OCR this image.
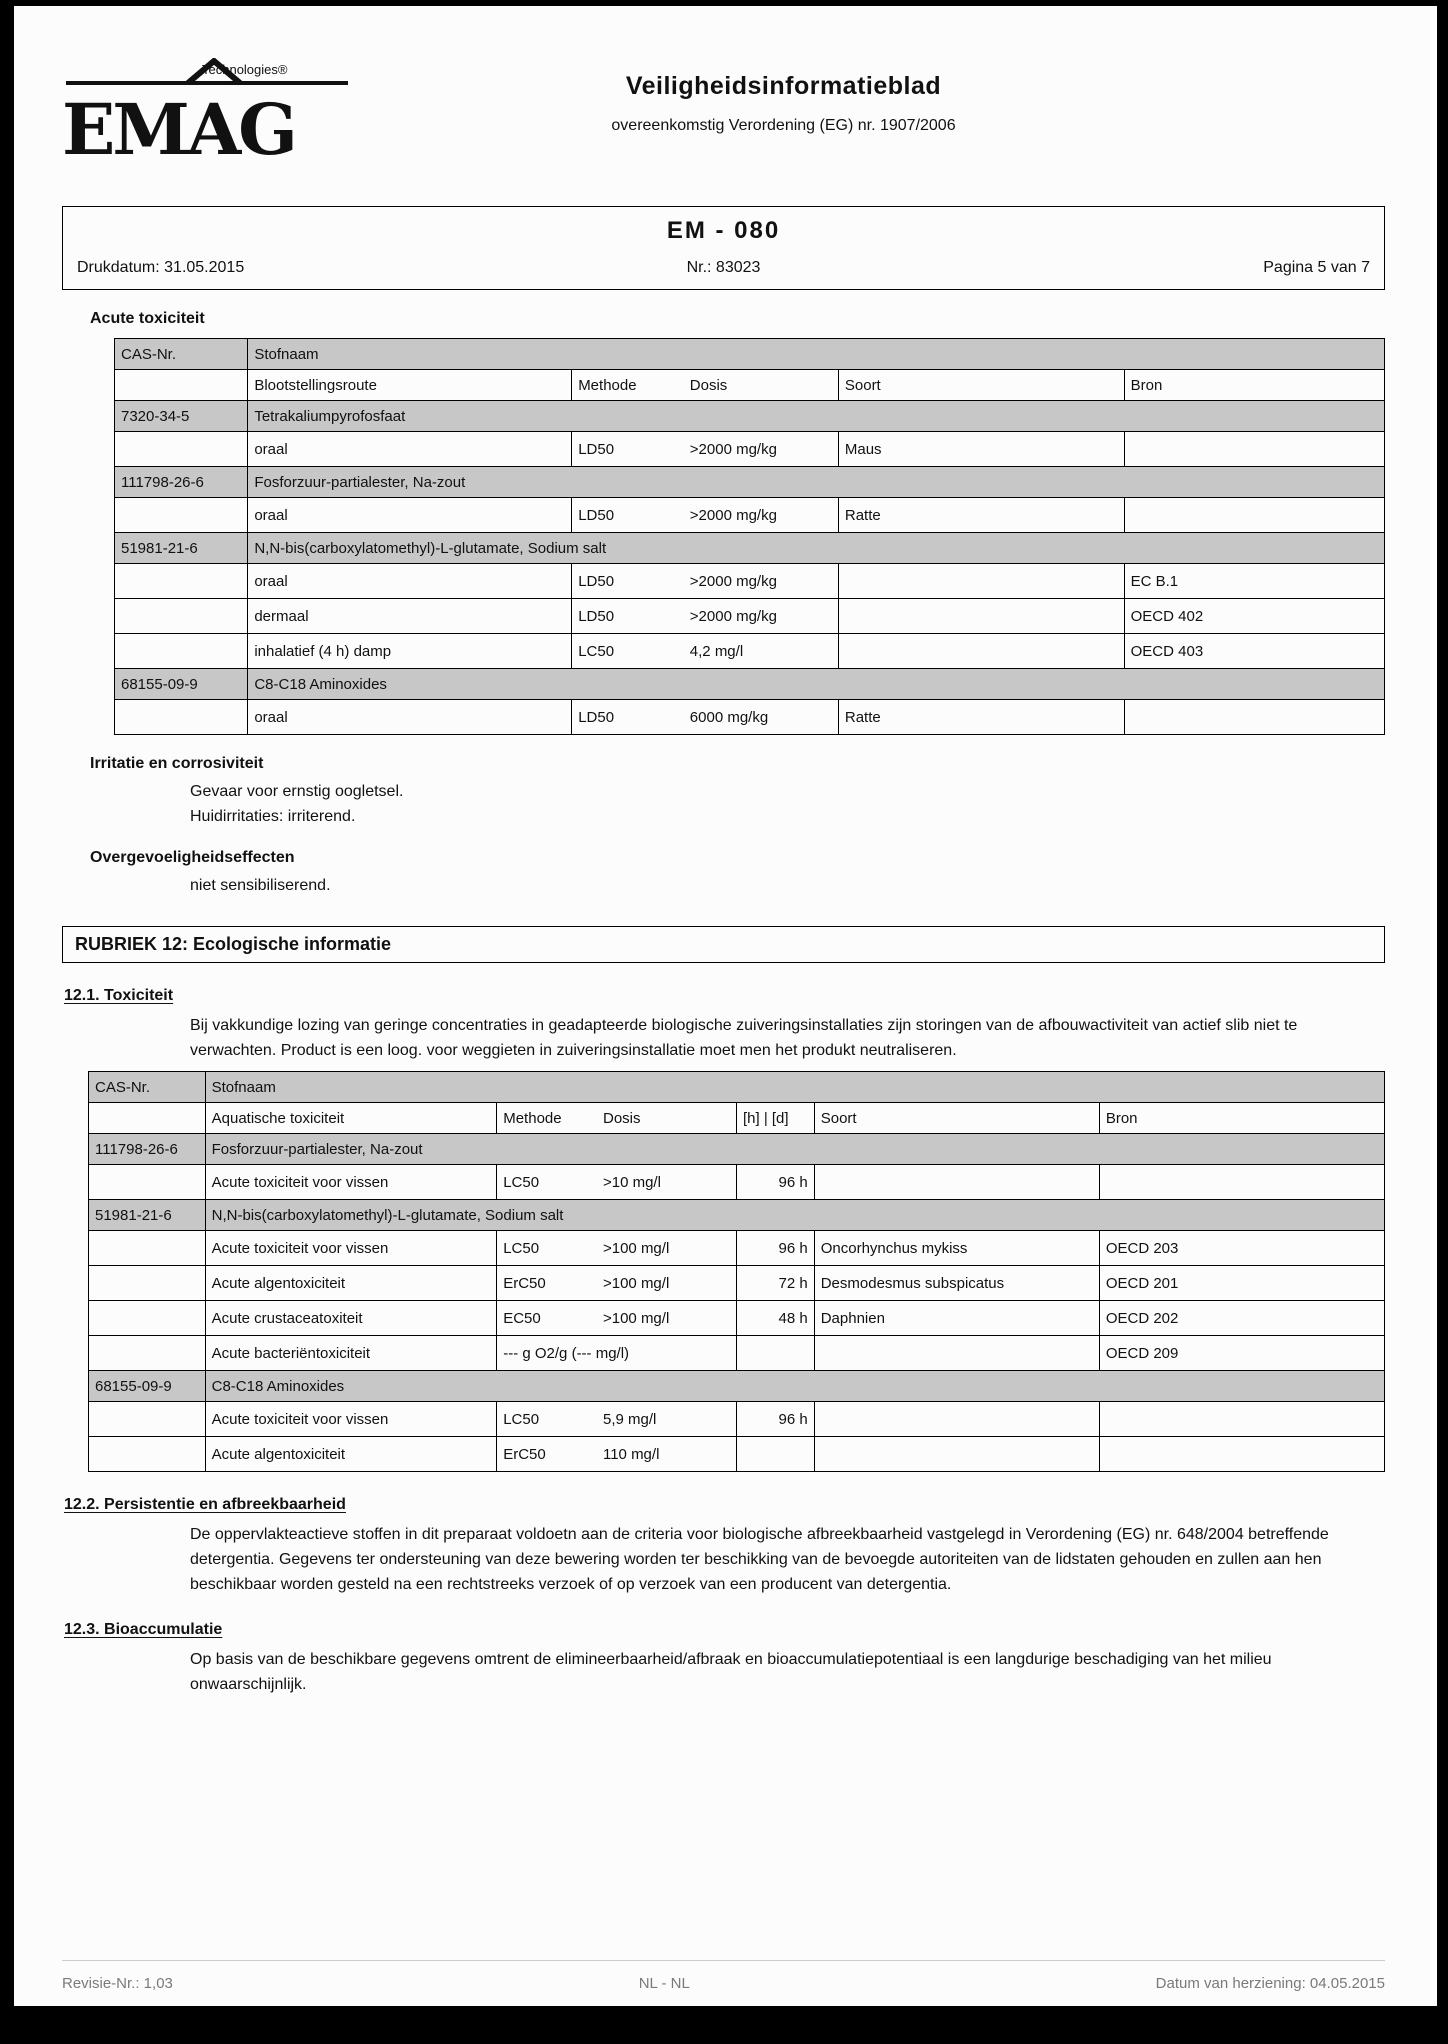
Technologies®
EMAG
Veiligheidsinformatieblad
overeenkomstig Verordening (EG) nr. 1907/2006
EM - 080
Drukdatum: 31.05.2015	Nr.: 83023	Pagina 5 van 7
Acute toxiciteit
CAS-Nr.	Stofnaam			
	Blootstellingsroute	Methode Dosis	Soort	Bron
7320-34-5	Tetrakaliumpyrofosfaat			
	oraal	LD50 >2000 mg/kg	Maus	
111798-26-6	Fosforzuur-partialester, Na-zout			
	oraal	LD50 >2000 mg/kg	Ratte	
51981-21-6	N,N-bis(carboxylatomethyl)-L-glutamate, Sodium salt			
	oraal	LD50 >2000 mg/kg		EC B.1
	dermaal	LD50 >2000 mg/kg		OECD 402
	inhalatief (4 h) damp	LC50 4,2 mg/l		OECD 403
68155-09-9	C8-C18 Aminoxides			
	oraal	LD50 6000 mg/kg	Ratte	
Irritatie en corrosiviteit
Gevaar voor ernstig oogletsel.
Huidirritaties: irriterend.
Overgevoeligheidseffecten
niet sensibiliserend.
RUBRIEK 12: Ecologische informatie
12.1. Toxiciteit
Bij vakkundige lozing van geringe concentraties in geadapteerde biologische zuiveringsinstallaties zijn storingen van de afbouwactiviteit van actief slib niet te verwachten. Product is een loog. voor weggieten in zuiveringsinstallatie moet men het produkt neutraliseren.
CAS-Nr.	Stofnaam				
	Aquatische toxiciteit	Methode Dosis	[h] | [d]	Soort	Bron
111798-26-6	Fosforzuur-partialester, Na-zout				
	Acute toxiciteit voor vissen	LC50 >10 mg/l	96 h		
51981-21-6	N,N-bis(carboxylatomethyl)-L-glutamate, Sodium salt				
	Acute toxiciteit voor vissen	LC50 >100 mg/l	96 h	Oncorhynchus mykiss	OECD 203
	Acute algentoxiciteit	ErC50 >100 mg/l	72 h	Desmodesmus subspicatus	OECD 201
	Acute crustaceatoxiteit	EC50 >100 mg/l	48 h	Daphnien	OECD 202
	Acute bacteriëntoxiciteit	--- g O2/g (--- mg/l)			OECD 209
68155-09-9	C8-C18 Aminoxides				
	Acute toxiciteit voor vissen	LC50 5,9 mg/l	96 h		
	Acute algentoxiciteit	ErC50 110 mg/l			
12.2. Persistentie en afbreekbaarheid
De oppervlakteactieve stoffen in dit preparaat voldoetn aan de criteria voor biologische afbreekbaarheid vastgelegd in Verordening (EG) nr. 648/2004 betreffende detergentia. Gegevens ter ondersteuning van deze bewering worden ter beschikking van de bevoegde autoriteiten van de lidstaten gehouden en zullen aan hen beschikbaar worden gesteld na een rechtstreeks verzoek of op verzoek van een producent van detergentia.
12.3. Bioaccumulatie
Op basis van de beschikbare gegevens omtrent de elimineerbaarheid/afbraak en bioaccumulatiepotentiaal is een langdurige beschadiging van het milieu onwaarschijnlijk.
Revisie-Nr.: 1,03	NL - NL	Datum van herziening: 04.05.2015
